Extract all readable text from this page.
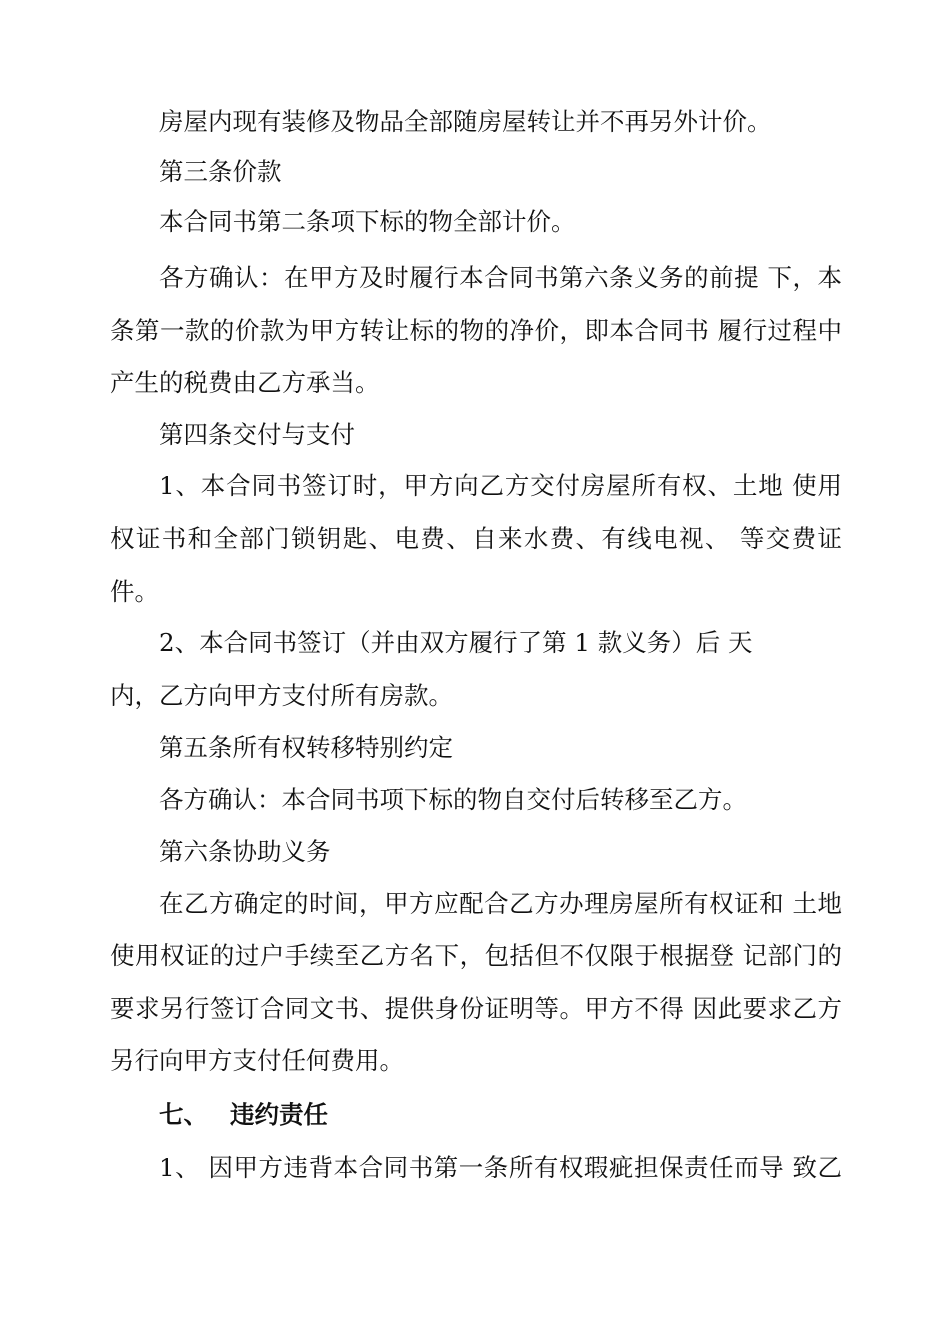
房屋内现有装修及物品全部随房屋转让并不再另外计价。
第三条价款
本合同书第二条项下标的物全部计价。
各方确认：在甲方及时履行本合同书第六条义务的前提 下，本
条第一款的价款为甲方转让标的物的净价，即本合同书 履行过程中
产生的税费由乙方承当。
第四条交付与支付
1、本合同书签订时，甲方向乙方交付房屋所有权、土地 使用
权证书和全部门锁钥匙、电费、自来水费、有线电视、 等交费证
件。
2、本合同书签订（并由双方履行了第 1 款义务）后 天
内，乙方向甲方支付所有房款。
第五条所有权转移特别约定
各方确认：本合同书项下标的物自交付后转移至乙方。
第六条协助义务
在乙方确定的时间，甲方应配合乙方办理房屋所有权证和 土地
使用权证的过户手续至乙方名下，包括但不仅限于根据登 记部门的
要求另行签订合同文书、提供身份证明等。甲方不得 因此要求乙方
另行向甲方支付任何费用。
七、 违约责任
1、 因甲方违背本合同书第一条所有权瑕疵担保责任而导 致乙
